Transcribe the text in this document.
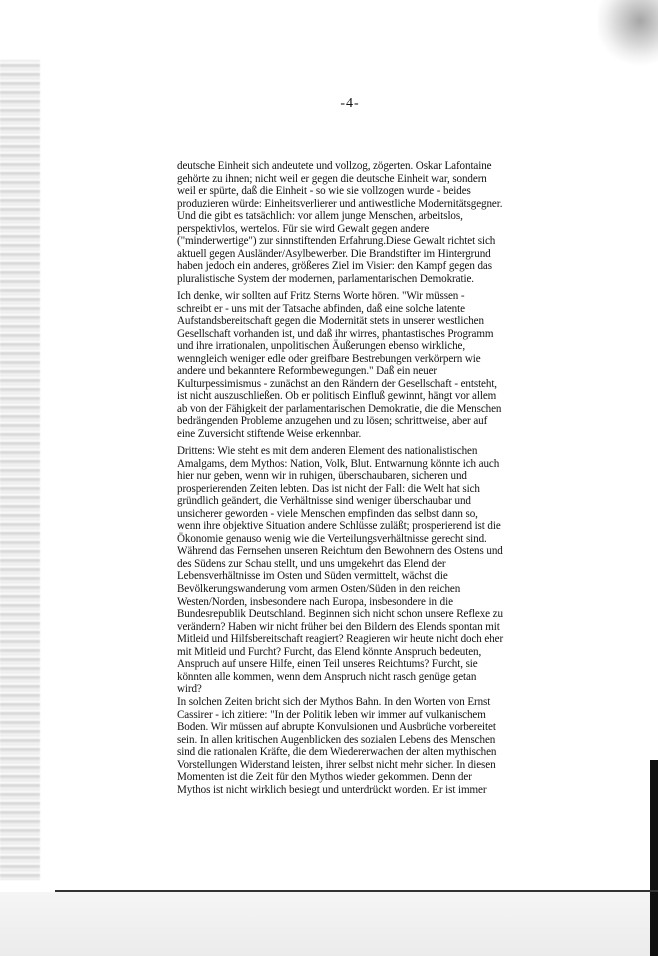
-4-
deutsche Einheit sich andeutete und vollzog, zögerten. Oskar Lafontaine
gehörte zu ihnen; nicht weil er gegen die deutsche Einheit war, sondern
weil er spürte, daß die Einheit - so wie sie vollzogen wurde - beides
produzieren würde: Einheitsverlierer und antiwestliche Modernitätsgegner.
Und die gibt es tatsächlich: vor allem junge Menschen, arbeitslos,
perspektivlos, wertelos. Für sie wird Gewalt gegen andere
("minderwertige") zur sinnstiftenden Erfahrung.Diese Gewalt richtet sich
aktuell gegen Ausländer/Asylbewerber. Die Brandstifter im Hintergrund
haben jedoch ein anderes, größeres Ziel im Visier: den Kampf gegen das
pluralistische System der modernen, parlamentarischen Demokratie.
Ich denke, wir sollten auf Fritz Sterns Worte hören. "Wir müssen -
schreibt er - uns mit der Tatsache abfinden, daß eine solche latente
Aufstandsbereitschaft gegen die Modernität stets in unserer westlichen
Gesellschaft vorhanden ist, und daß ihr wirres, phantastisches Programm
und ihre irrationalen, unpolitischen Äußerungen ebenso wirkliche,
wenngleich weniger edle oder greifbare Bestrebungen verkörpern wie
andere und bekanntere Reformbewegungen." Daß ein neuer
Kulturpessimismus - zunächst an den Rändern der Gesellschaft - entsteht,
ist nicht auszuschließen. Ob er politisch Einfluß gewinnt, hängt vor allem
ab von der Fähigkeit der parlamentarischen Demokratie, die die Menschen
bedrängenden Probleme anzugehen und zu lösen; schrittweise, aber auf
eine Zuversicht stiftende Weise erkennbar.
Drittens: Wie steht es mit dem anderen Element des nationalistischen
Amalgams, dem Mythos: Nation, Volk, Blut. Entwarnung könnte ich auch
hier nur geben, wenn wir in ruhigen, überschaubaren, sicheren und
prosperierenden Zeiten lebten. Das ist nicht der Fall: die Welt hat sich
gründlich geändert, die Verhältnisse sind weniger überschaubar und
unsicherer geworden - viele Menschen empfinden das selbst dann so,
wenn ihre objektive Situation andere Schlüsse zuläßt; prosperierend ist die
Ökonomie genauso wenig wie die Verteilungsverhältnisse gerecht sind.
Während das Fernsehen unseren Reichtum den Bewohnern des Ostens und
des Südens zur Schau stellt, und uns umgekehrt das Elend der
Lebensverhältnisse im Osten und Süden vermittelt, wächst die
Bevölkerungswanderung vom armen Osten/Süden in den reichen
Westen/Norden, insbesondere nach Europa, insbesondere in die
Bundesrepublik Deutschland. Beginnen sich nicht schon unsere Reflexe zu
verändern? Haben wir nicht früher bei den Bildern des Elends spontan mit
Mitleid und Hilfsbereitschaft reagiert? Reagieren wir heute nicht doch eher
mit Mitleid und Furcht? Furcht, das Elend könnte Anspruch bedeuten,
Anspruch auf unsere Hilfe, einen Teil unseres Reichtums? Furcht, sie
könnten alle kommen, wenn dem Anspruch nicht rasch genüge getan
wird?
In solchen Zeiten bricht sich der Mythos Bahn. In den Worten von Ernst
Cassirer - ich zitiere: "In der Politik leben wir immer auf vulkanischem
Boden. Wir müssen auf abrupte Konvulsionen und Ausbrüche vorbereitet
sein. In allen kritischen Augenblicken des sozialen Lebens des Menschen
sind die rationalen Kräfte, die dem Wiedererwachen der alten mythischen
Vorstellungen Widerstand leisten, ihrer selbst nicht mehr sicher. In diesen
Momenten ist die Zeit für den Mythos wieder gekommen. Denn der
Mythos ist nicht wirklich besiegt und unterdrückt worden. Er ist immer
